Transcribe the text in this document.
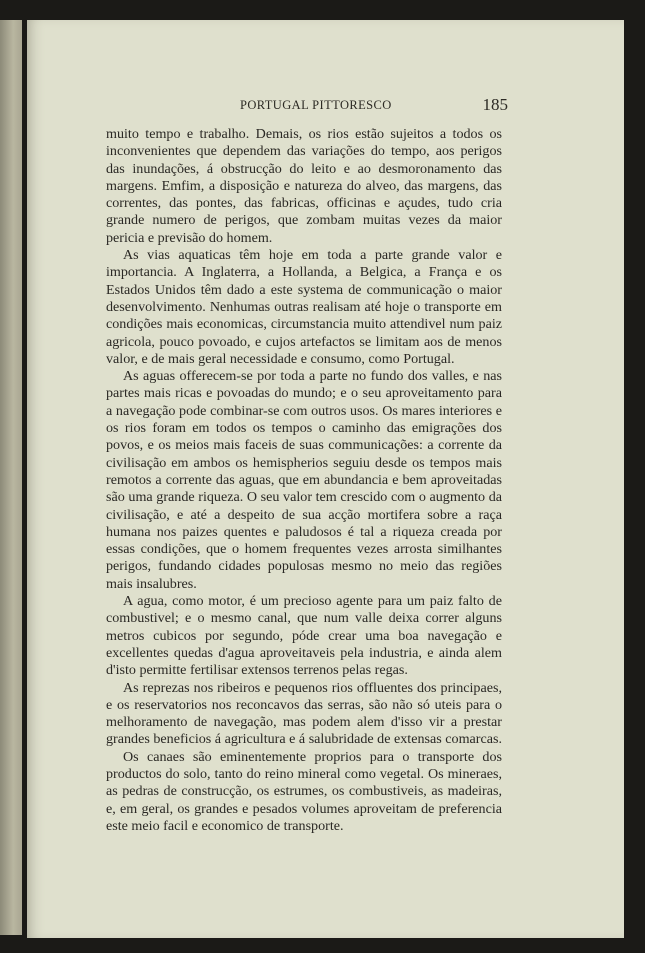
PORTUGAL PITTORESCO	185

muito tempo e trabalho. Demais, os rios estão sujeitos a todos os inconvenientes que dependem das variações do tempo, aos perigos das inundações, á obstrucção do leito e ao desmoronamento das margens. Emfim, a disposição e natureza do alveo, das margens, das correntes, das pontes, das fabricas, officinas e açudes, tudo cria grande numero de perigos, que zombam muitas vezes da maior pericia e previsão do homem.

As vias aquaticas têm hoje em toda a parte grande valor e importancia. A Inglaterra, a Hollanda, a Belgica, a França e os Estados Unidos têm dado a este systema de communicação o maior desenvolvimento. Nenhumas outras realisam até hoje o transporte em condições mais economicas, circumstancia muito attendivel num paiz agricola, pouco povoado, e cujos artefactos se limitam aos de menos valor, e de mais geral necessidade e consumo, como Portugal.

As aguas offerecem-se por toda a parte no fundo dos valles, e nas partes mais ricas e povoadas do mundo; e o seu aproveitamento para a navegação pode combinar-se com outros usos. Os mares interiores e os rios foram em todos os tempos o caminho das emigrações dos povos, e os meios mais faceis de suas communicações: a corrente da civilisação em ambos os hemispherios seguiu desde os tempos mais remotos a corrente das aguas, que em abundancia e bem aproveitadas são uma grande riqueza. O seu valor tem crescido com o augmento da civilisação, e até a despeito de sua acção mortifera sobre a raça humana nos paizes quentes e paludosos é tal a riqueza creada por essas condições, que o homem frequentes vezes arrosta similhantes perigos, fundando cidades populosas mesmo no meio das regiões mais insalubres.

A agua, como motor, é um precioso agente para um paiz falto de combustivel; e o mesmo canal, que num valle deixa correr alguns metros cubicos por segundo, póde crear uma boa navegação e excellentes quedas d'agua aproveitaveis pela industria, e ainda alem d'isto permitte fertilisar extensos terrenos pelas regas.

As reprezas nos ribeiros e pequenos rios offluentes dos principaes, e os reservatorios nos reconcavos das serras, são não só uteis para o melhoramento de navegação, mas podem alem d'isso vir a prestar grandes beneficios á agricultura e á salubridade de extensas comarcas.

Os canaes são eminentemente proprios para o transporte dos productos do solo, tanto do reino mineral como vegetal. Os mineraes, as pedras de construcção, os estrumes, os combustiveis, as madeiras, e, em geral, os grandes e pesados volumes aproveitam de preferencia este meio facil e economico de transporte.
